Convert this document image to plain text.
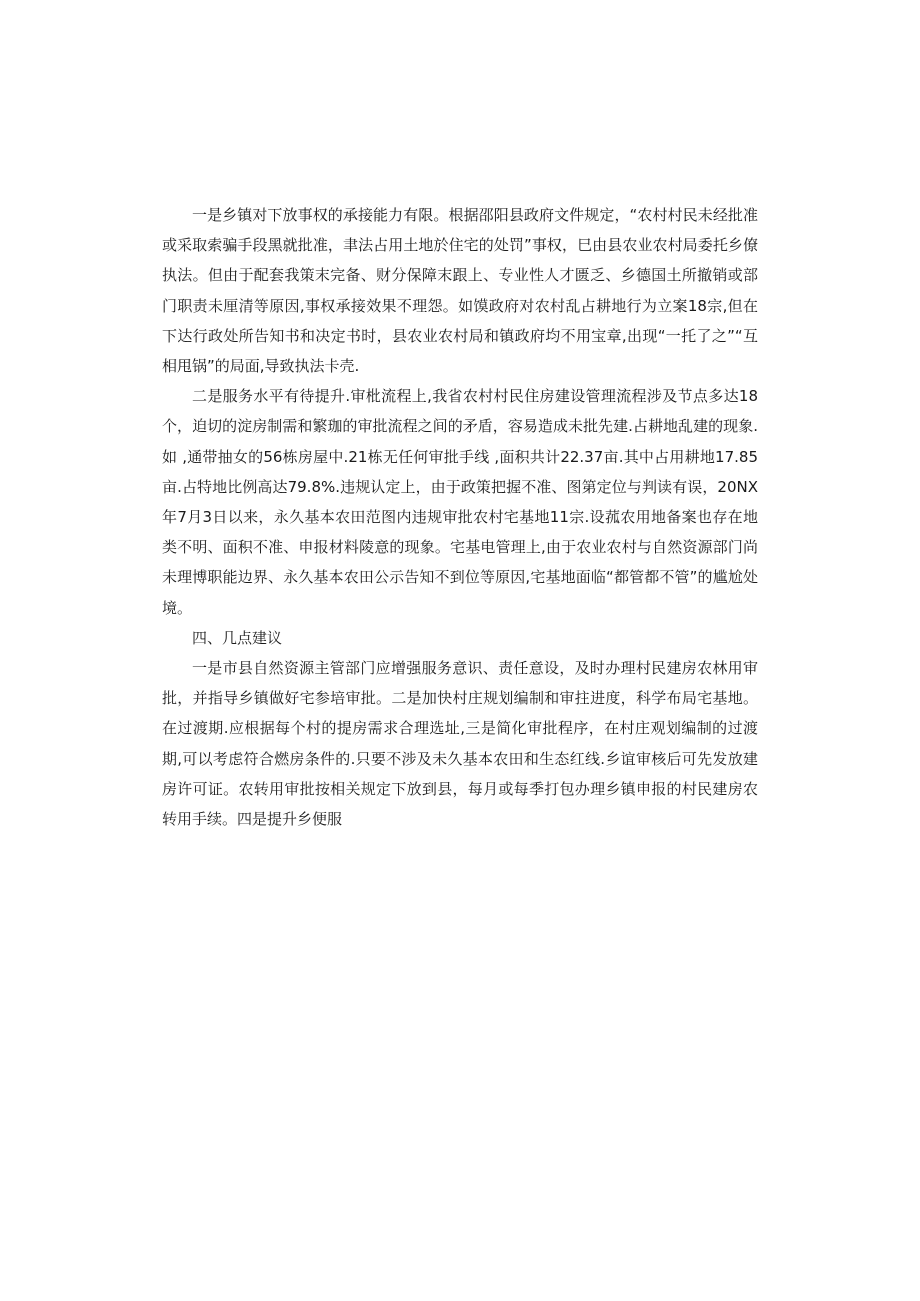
一是乡镇对下放事权的承接能力有限。根据邵阳县政府文件规定，“农村村民未经批准或采取索骗手段黑就批准，聿法占用土地於住宅的处罚”事权，巳由县农业农村局委托乡僚执法。但由于配套我策末完备、财分保障末跟上、专业性人才匮乏、乡德国土所撤销或部门职责未厘清等原因,事权承接效果不理怨。如馍政府对农村乱占耕地行为立案18宗,但在下达行政处所告知书和决定书时，县农业农村局和镇政府均不用宝章,出现“一托了之”“互相甩锅”的局面,导致执法卡壳.

二是服务水平有待提升.审枇流程上,我省农村村民住房建设管理流程涉及节点多达18个，迫切的淀房制需和繁珈的审批流程之间的矛盾，容易造成未批先建.占耕地乱建的现象.如 ,通带抽女的56栋房屋中.21栋无任何审批手线 ,面积共计22.37亩.其中占用耕地17.85亩.占特地比例高达79.8%.违规认定上，由于政策把握不准、图第定位与判读有误，20NX年7月3日以来，永久基本农田范图内违规审批农村宅基地11宗.设菰农用地备案也存在地类不明、面积不准、申报材料陵意的现象。宅基电管理上,由于农业农村与自然资源部门尚未理博职能边界、永久基本农田公示告知不到位等原因,宅基地面临“都管都不管”的尴尬处境。

四、几点建议

一是市县自然资源主管部门应增强服务意识、责任意设，及时办理村民建房农林用审批，并指导乡镇做好宅参培审批。二是加快村庄规划编制和审拄进度，科学布局宅基地。在过渡期.应根据每个村的提房需求合理选址,三是简化审批程序，在村庄观划编制的过渡期,可以考虑符合燃房条件的.只要不涉及未久基本农田和生态红线.乡谊审核后可先发放建房许可证。农转用审批按相关规定下放到县，每月或每季打包办理乡镇申报的村民建房农转用手续。四是提升乡便服
